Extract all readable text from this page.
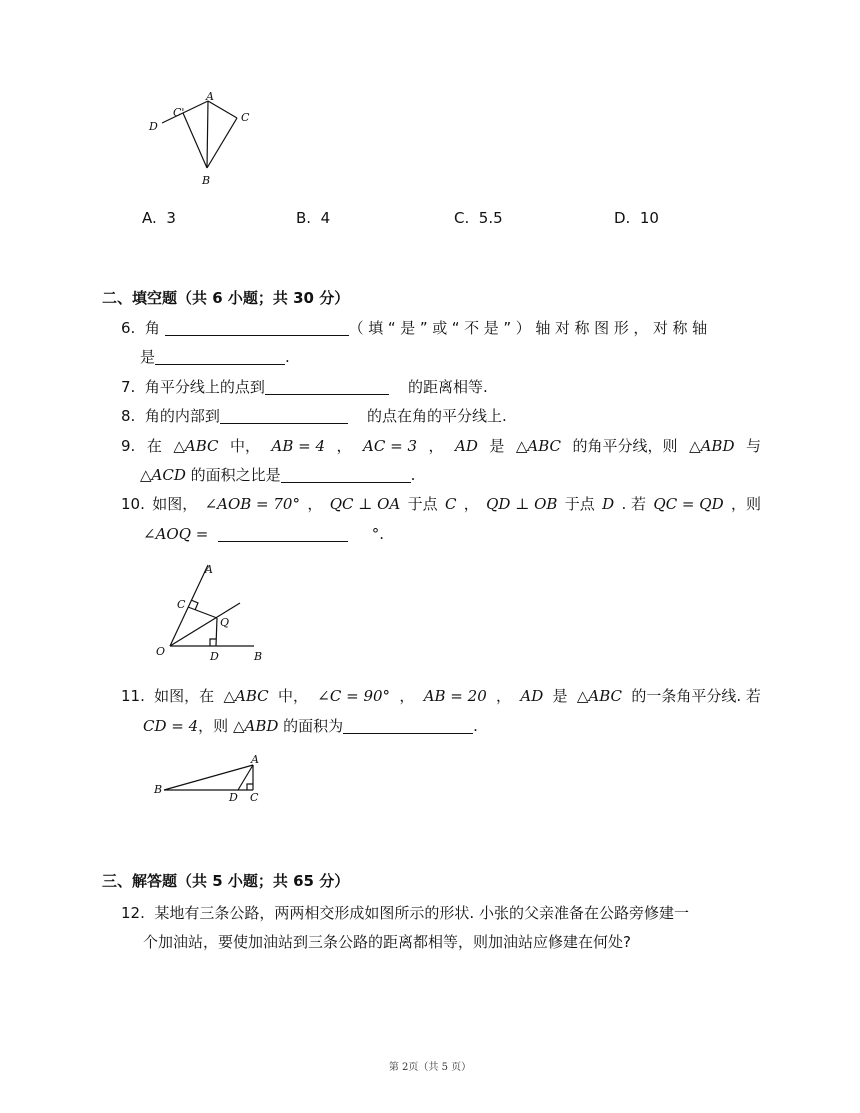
D
C'
A
C
B
A. 3	B. 4	C. 5.5	D. 10
二、填空题（共 6 小题；共 30 分）
6. 角	（填“是”或“不是”）轴对称图形，对称轴
是	.
7. 角平分线上的点到	的距离相等.
8. 角的内部到	的点在角的平分线上.
9. 在 △ABC 中， AB = 4 ， AC = 3 ， AD 是 △ABC 的角平分线，则 △ABD 与
△ACD 的面积之比是	.
10. 如图， ∠AOB = 70° ， QC ⊥ OA 于点 C ， QD ⊥ OB 于点 D . 若 QC = QD ，则
∠AOQ =	°.
A
C
Q
O	D	B
11. 如图，在 △ABC 中， ∠C = 90° ， AB = 20 ， AD 是 △ABC 的一条角平分线. 若
CD = 4，则 △ABD 的面积为	.
A
B
D C
三、解答题（共 5 小题；共 65 分）
12. 某地有三条公路，两两相交形成如图所示的形状. 小张的父亲准备在公路旁修建一
个加油站，要使加油站到三条公路的距离都相等，则加油站应修建在何处?
第 2页（共 5 页）
